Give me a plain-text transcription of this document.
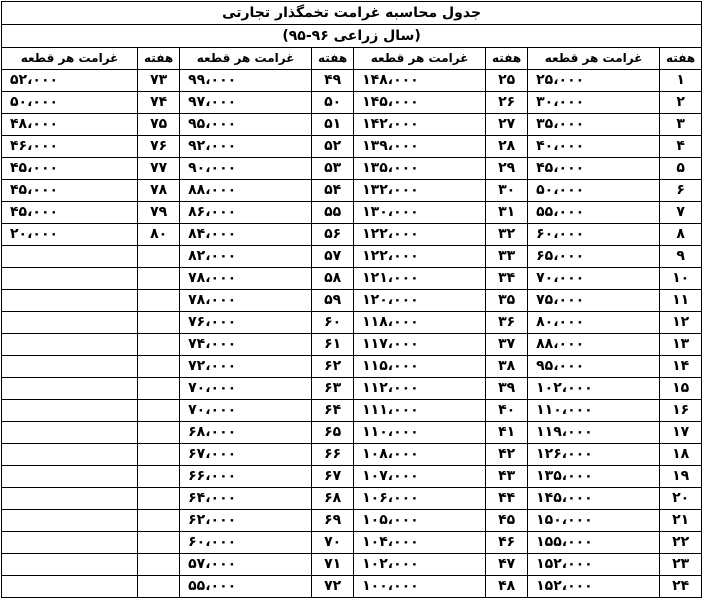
جدول محاسبه غرامت تخمگذار تجارتی							
(سال زراعی ۹۶-۹۵)							
هفته	غرامت هر قطعه	هفته	غرامت هر قطعه	هفته	غرامت هر قطعه	هفته	غرامت هر قطعه
۱	۲۵،۰۰۰	۲۵	۱۴۸،۰۰۰	۴۹	۹۹،۰۰۰	۷۳	۵۲،۰۰۰
۲	۳۰،۰۰۰	۲۶	۱۴۵،۰۰۰	۵۰	۹۷،۰۰۰	۷۴	۵۰،۰۰۰
۳	۳۵،۰۰۰	۲۷	۱۴۲،۰۰۰	۵۱	۹۵،۰۰۰	۷۵	۴۸،۰۰۰
۴	۴۰،۰۰۰	۲۸	۱۳۹،۰۰۰	۵۲	۹۲،۰۰۰	۷۶	۴۶،۰۰۰
۵	۴۵،۰۰۰	۲۹	۱۳۵،۰۰۰	۵۳	۹۰،۰۰۰	۷۷	۴۵،۰۰۰
۶	۵۰،۰۰۰	۳۰	۱۳۲،۰۰۰	۵۴	۸۸،۰۰۰	۷۸	۴۵،۰۰۰
۷	۵۵،۰۰۰	۳۱	۱۳۰،۰۰۰	۵۵	۸۶،۰۰۰	۷۹	۴۵،۰۰۰
۸	۶۰،۰۰۰	۳۲	۱۲۲،۰۰۰	۵۶	۸۴،۰۰۰	۸۰	۲۰،۰۰۰
۹	۶۵،۰۰۰	۳۳	۱۲۲،۰۰۰	۵۷	۸۲،۰۰۰		
۱۰	۷۰،۰۰۰	۳۴	۱۲۱،۰۰۰	۵۸	۷۸،۰۰۰		
۱۱	۷۵،۰۰۰	۳۵	۱۲۰،۰۰۰	۵۹	۷۸،۰۰۰		
۱۲	۸۰،۰۰۰	۳۶	۱۱۸،۰۰۰	۶۰	۷۶،۰۰۰		
۱۳	۸۸،۰۰۰	۳۷	۱۱۷،۰۰۰	۶۱	۷۴،۰۰۰		
۱۴	۹۵،۰۰۰	۳۸	۱۱۵،۰۰۰	۶۲	۷۲،۰۰۰		
۱۵	۱۰۲،۰۰۰	۳۹	۱۱۲،۰۰۰	۶۳	۷۰،۰۰۰		
۱۶	۱۱۰،۰۰۰	۴۰	۱۱۱،۰۰۰	۶۴	۷۰،۰۰۰		
۱۷	۱۱۹،۰۰۰	۴۱	۱۱۰،۰۰۰	۶۵	۶۸،۰۰۰		
۱۸	۱۲۶،۰۰۰	۴۲	۱۰۸،۰۰۰	۶۶	۶۷،۰۰۰		
۱۹	۱۳۵،۰۰۰	۴۳	۱۰۷،۰۰۰	۶۷	۶۶،۰۰۰		
۲۰	۱۴۵،۰۰۰	۴۴	۱۰۶،۰۰۰	۶۸	۶۴،۰۰۰		
۲۱	۱۵۰،۰۰۰	۴۵	۱۰۵،۰۰۰	۶۹	۶۲،۰۰۰		
۲۲	۱۵۵،۰۰۰	۴۶	۱۰۴،۰۰۰	۷۰	۶۰،۰۰۰		
۲۳	۱۵۲،۰۰۰	۴۷	۱۰۲،۰۰۰	۷۱	۵۷،۰۰۰		
۲۴	۱۵۲،۰۰۰	۴۸	۱۰۰،۰۰۰	۷۲	۵۵،۰۰۰		
